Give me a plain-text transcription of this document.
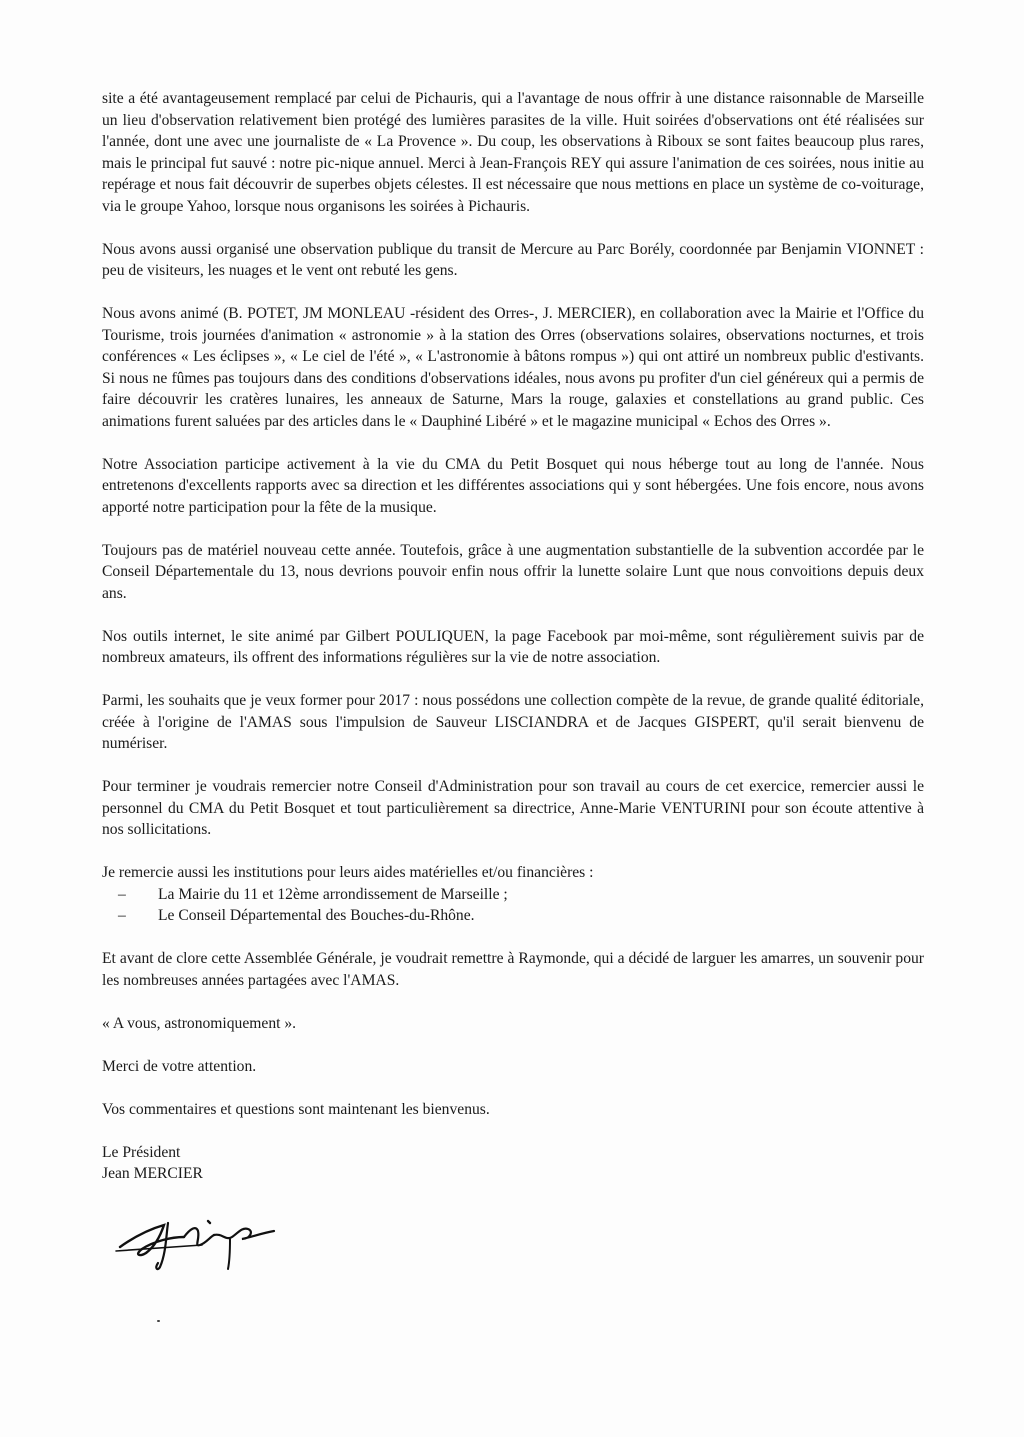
site a été avantageusement remplacé par celui de Pichauris, qui a l'avantage de nous offrir à une distance raisonnable de Marseille un lieu d'observation relativement bien protégé des lumières parasites de la ville. Huit soirées d'observations ont été réalisées sur l'année, dont une avec une journaliste de « La Provence ». Du coup, les observations à Riboux se sont faites beaucoup plus rares, mais le principal fut sauvé : notre pic-nique annuel. Merci à Jean-François REY qui assure l'animation de ces soirées, nous initie au repérage et nous fait découvrir de superbes objets célestes. Il est nécessaire que nous mettions en place un système de co-voiturage, via le groupe Yahoo, lorsque nous organisons les soirées à Pichauris.

Nous avons aussi organisé une observation publique du transit de Mercure au Parc Borély, coordonnée par Benjamin VIONNET : peu de visiteurs, les nuages et le vent ont rebuté les gens.

Nous avons animé (B. POTET, JM MONLEAU -résident des Orres-, J. MERCIER), en collaboration avec la Mairie et l'Office du Tourisme, trois journées d'animation « astronomie » à la station des Orres (observations solaires, observations nocturnes, et trois conférences « Les éclipses », « Le ciel de l'été », « L'astronomie à bâtons rompus ») qui ont attiré un nombreux public d'estivants. Si nous ne fûmes pas toujours dans des conditions d'observations idéales, nous avons pu profiter d'un ciel généreux qui a permis de faire découvrir les cratères lunaires, les anneaux de Saturne, Mars la rouge, galaxies et constellations au grand public. Ces animations furent saluées par des articles dans le « Dauphiné Libéré » et le magazine municipal « Echos des Orres ».

Notre Association participe activement à la vie du CMA du Petit Bosquet qui nous héberge tout au long de l'année. Nous entretenons d'excellents rapports avec sa direction et les différentes associations qui y sont hébergées. Une fois encore, nous avons apporté notre participation pour la fête de la musique.

Toujours pas de matériel nouveau cette année. Toutefois, grâce à une augmentation substantielle de la subvention accordée par le Conseil Départementale du 13, nous devrions pouvoir enfin nous offrir la lunette solaire Lunt que nous convoitions depuis deux ans.

Nos outils internet, le site animé par Gilbert POULIQUEN, la page Facebook par moi-même, sont régulièrement suivis par de nombreux amateurs, ils offrent des informations régulières sur la vie de notre association.

Parmi, les souhaits que je veux former pour 2017 : nous possédons une collection compète de la revue, de grande qualité éditoriale, créée à l'origine de l'AMAS sous l'impulsion de Sauveur LISCIANDRA et de Jacques GISPERT, qu'il serait bienvenu de numériser.

Pour terminer je voudrais remercier notre Conseil d'Administration pour son travail au cours de cet exercice, remercier aussi le personnel du CMA du Petit Bosquet et tout particulièrement sa directrice, Anne-Marie VENTURINI pour son écoute attentive à nos sollicitations.

Je remercie aussi les institutions pour leurs aides matérielles et/ou financières :

– La Mairie du 11 et 12ème arrondissement de Marseille ;
– Le Conseil Départemental des Bouches-du-Rhône.

Et avant de clore cette Assemblée Générale, je voudrait remettre à Raymonde, qui a décidé de larguer les amarres, un souvenir pour les nombreuses années partagées avec l'AMAS.

« A vous, astronomiquement ».

Merci de votre attention.

Vos commentaires et questions sont maintenant les bienvenus.

Le Président
Jean MERCIER
